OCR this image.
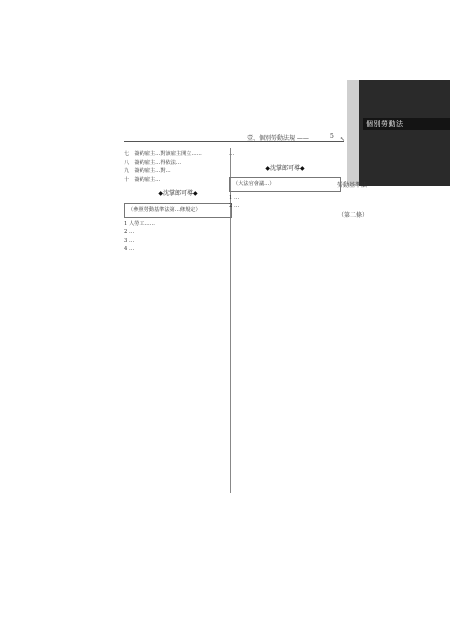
個別勞動法
壹、個別勞動法規 ——	5 ↖
勞動基準法
（第二條）

七　簽約雇主…對該雇主開立……

八　簽約雇主…得依法…

九　簽約雇主…對…

十　簽約雇主…

◆沈掌郎可導◆
（參照勞動基準法第…條規定）

1 人勞工……

2 …

3 …

4 …

…

◆沈掌郎可導◆
（大法官會議…）

1 …

2 …
